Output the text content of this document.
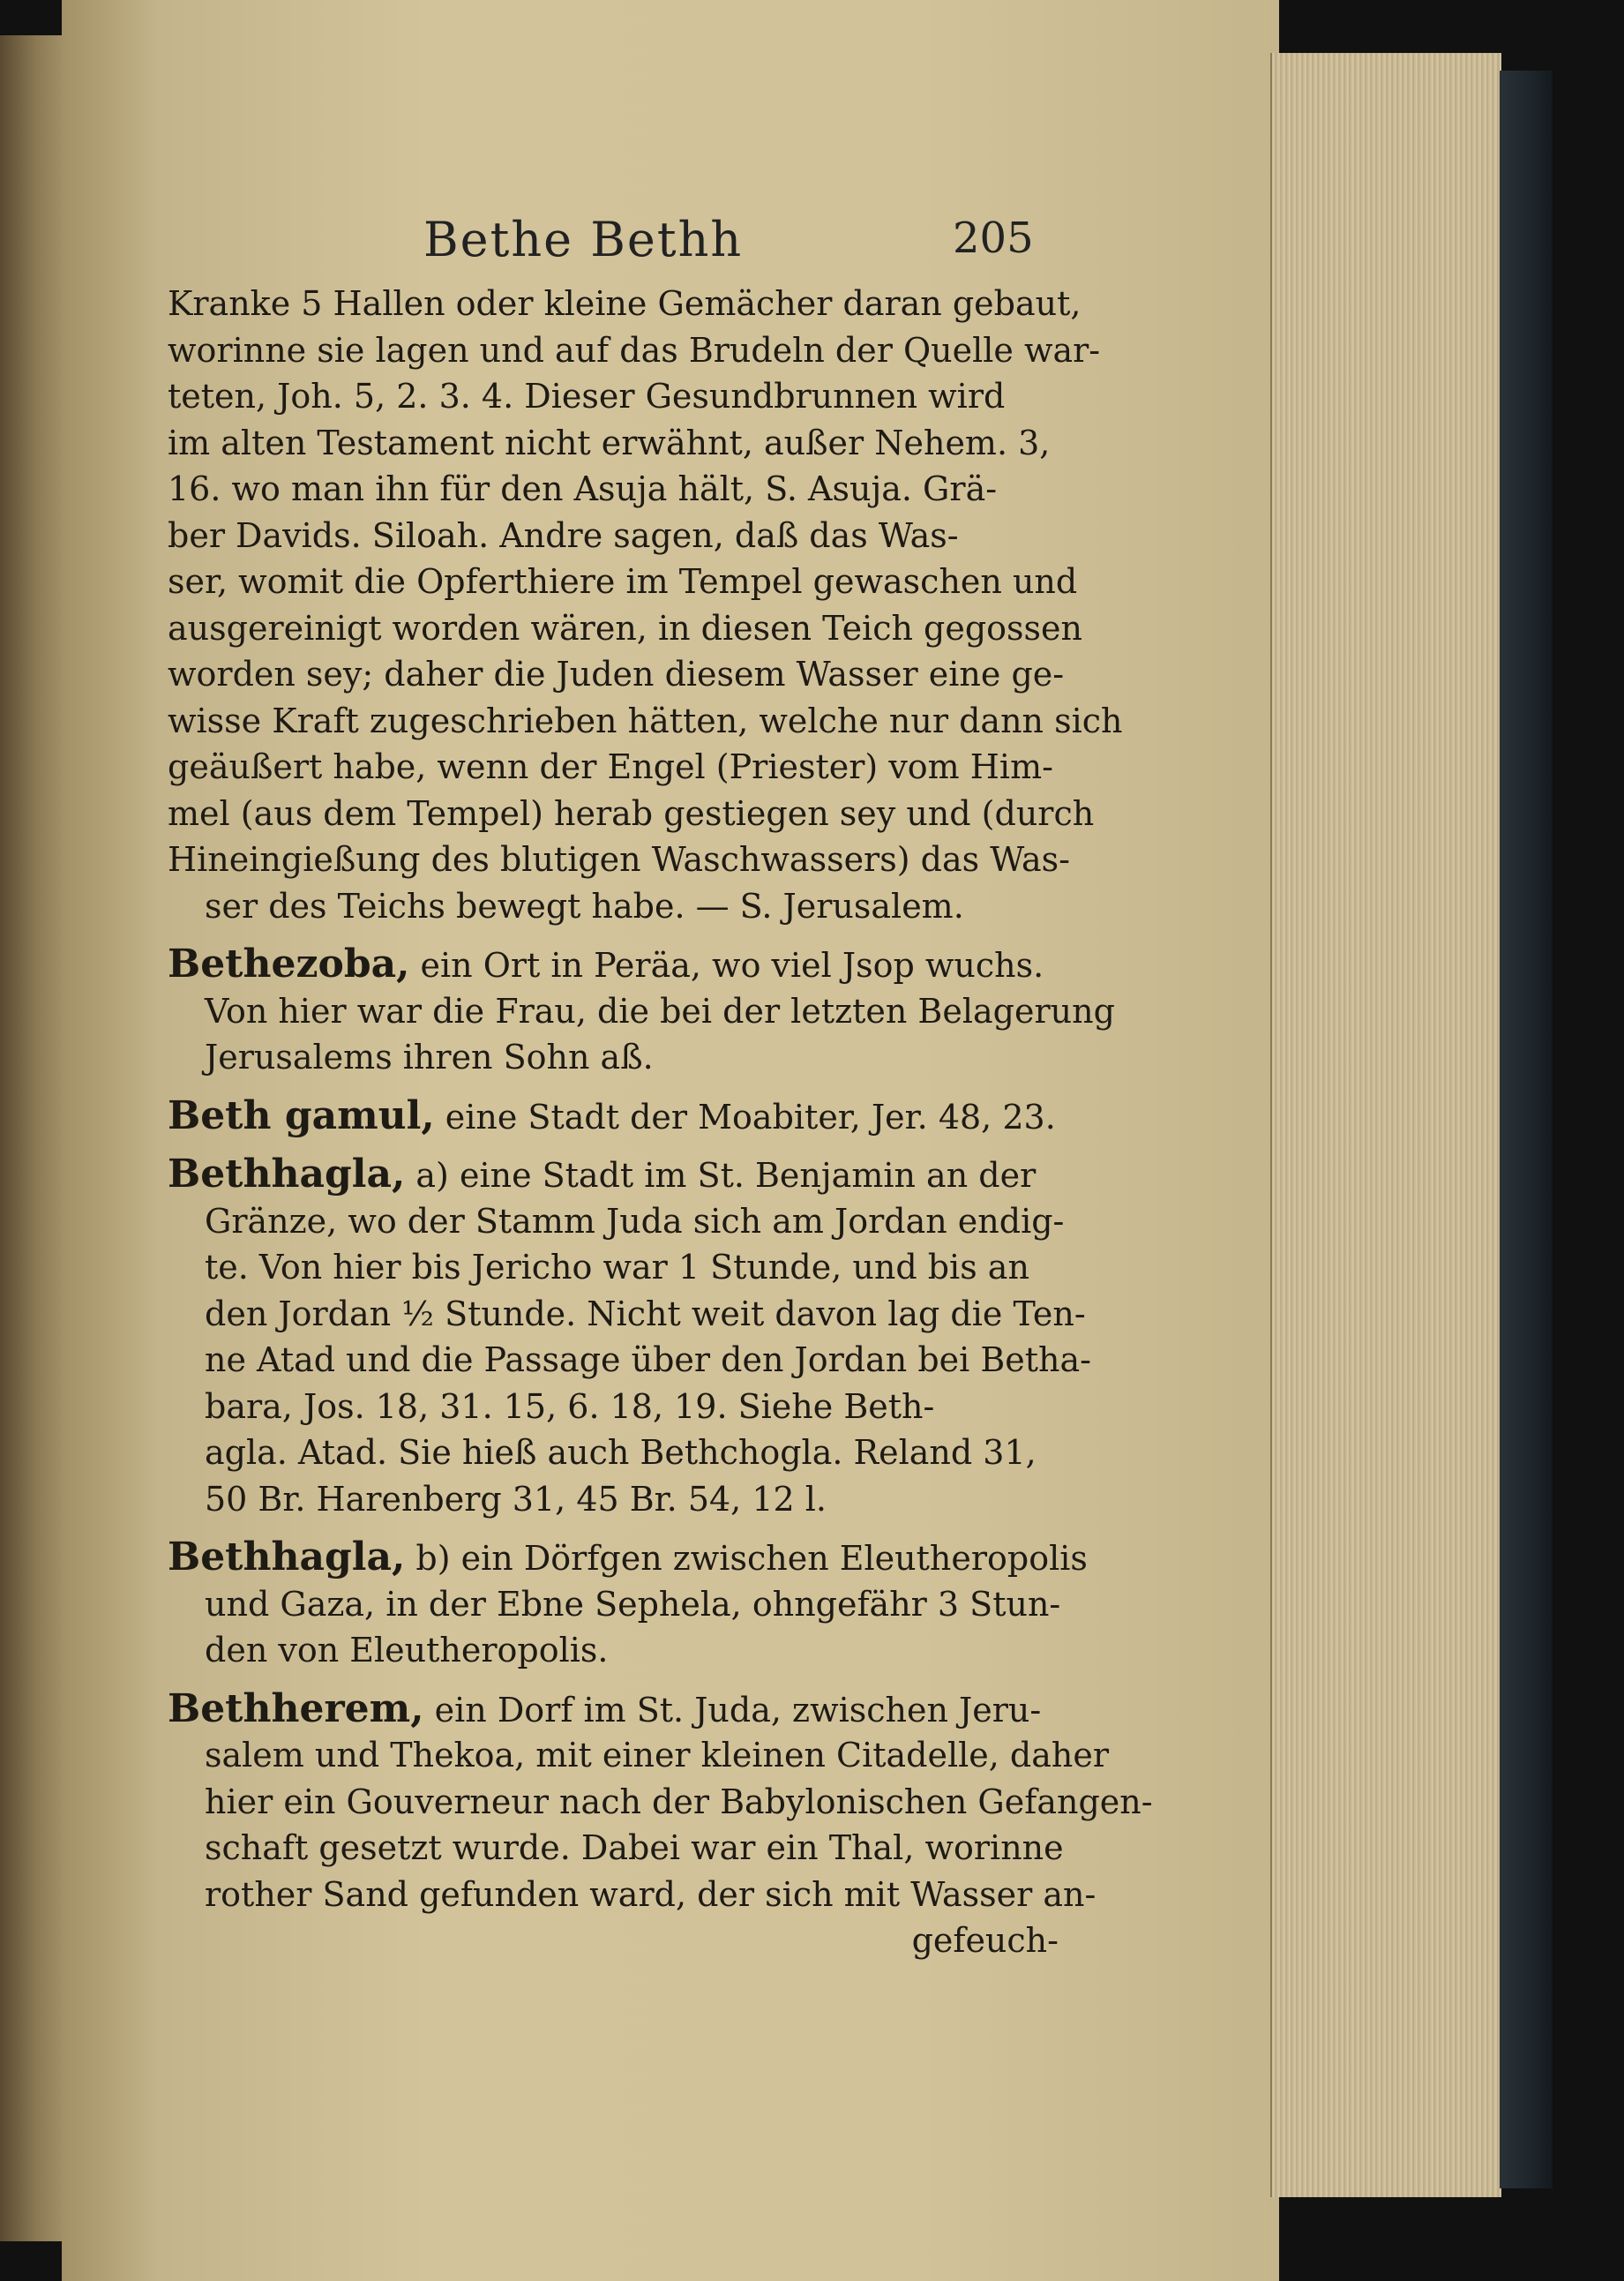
Bethe Bethh	205
Kranke 5 Hallen oder kleine Gemächer daran gebaut,
worinne sie lagen und auf das Brudeln der Quelle war-
teten, Joh. 5, 2. 3. 4. Dieser Gesundbrunnen wird
im alten Testament nicht erwähnt, außer Nehem. 3,
16. wo man ihn für den Asuja hält, S. Asuja. Grä-
ber Davids. Siloah. Andre sagen, daß das Was-
ser, womit die Opferthiere im Tempel gewaschen und
ausgereinigt worden wären, in diesen Teich gegossen
worden sey; daher die Juden diesem Wasser eine ge-
wisse Kraft zugeschrieben hätten, welche nur dann sich
geäußert habe, wenn der Engel (Priester) vom Him-
mel (aus dem Tempel) herab gestiegen sey und (durch
Hineingießung des blutigen Waschwassers) das Was-
ser des Teichs bewegt habe. — S. Jerusalem.
Bethezoba, ein Ort in Peräa, wo viel Jsop wuchs.
Von hier war die Frau, die bei der letzten Belagerung
Jerusalems ihren Sohn aß.
Beth gamul, eine Stadt der Moabiter, Jer. 48, 23.
Bethhagla, a) eine Stadt im St. Benjamin an der
Gränze, wo der Stamm Juda sich am Jordan endig-
te. Von hier bis Jericho war 1 Stunde, und bis an
den Jordan ½ Stunde. Nicht weit davon lag die Ten-
ne Atad und die Passage über den Jordan bei Betha-
bara, Jos. 18, 31. 15, 6. 18, 19. Siehe Beth-
agla. Atad. Sie hieß auch Bethchogla. Reland 31,
50 Br. Harenberg 31, 45 Br. 54, 12 l.
Bethhagla, b) ein Dörfgen zwischen Eleutheropolis
und Gaza, in der Ebne Sephela, ohngefähr 3 Stun-
den von Eleutheropolis.
Bethherem, ein Dorf im St. Juda, zwischen Jeru-
salem und Thekoa, mit einer kleinen Citadelle, daher
hier ein Gouverneur nach der Babylonischen Gefangen-
schaft gesetzt wurde. Dabei war ein Thal, worinne
rother Sand gefunden ward, der sich mit Wasser an-
gefeuch-
